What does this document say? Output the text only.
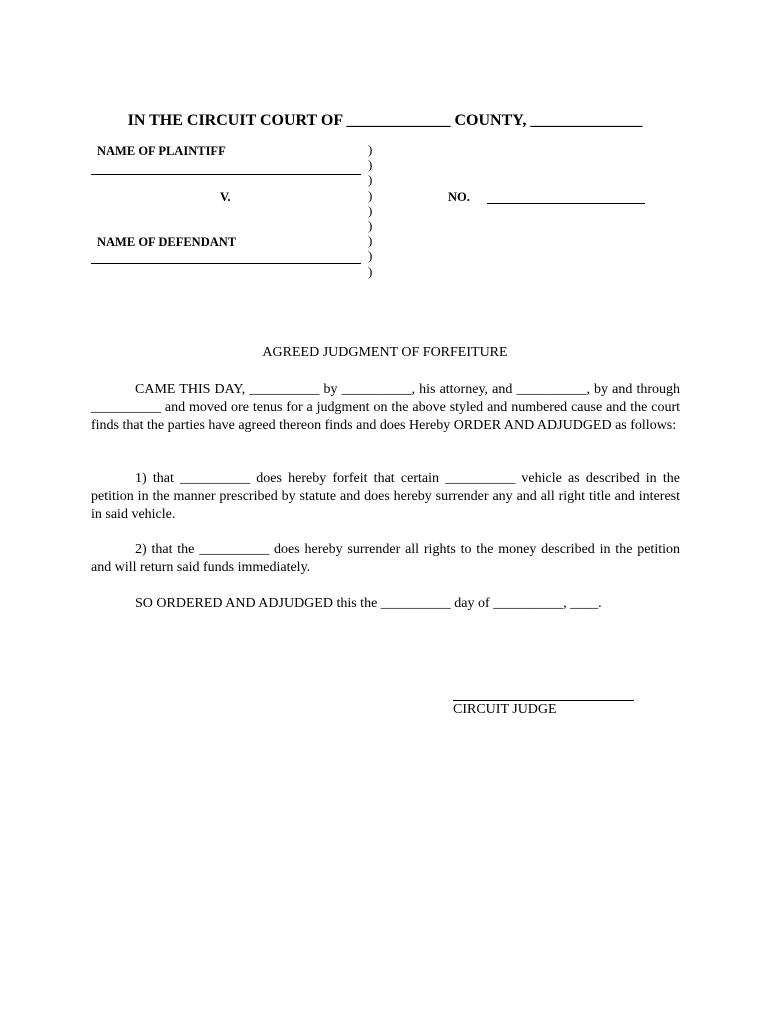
IN THE CIRCUIT COURT OF _____________ COUNTY, ______________
NAME OF PLAINTIFF
V.
NAME OF DEFENDANT
)
)
)
)
)
)
)
)
)
NO.
AGREED JUDGMENT OF FORFEITURE
CAME THIS DAY, __________ by __________, his attorney, and __________, by and through __________ and moved ore tenus for a judgment on the above styled and numbered cause and the court finds that the parties have agreed thereon finds and does Hereby ORDER AND ADJUDGED as follows:
1) that __________ does hereby forfeit that certain __________ vehicle as described in the petition in the manner prescribed by statute and does hereby surrender any and all right title and interest in said vehicle.
2) that the __________ does hereby surrender all rights to the money described in the petition and will return said funds immediately.
SO ORDERED AND ADJUDGED this the __________ day of __________, ____.
CIRCUIT JUDGE
